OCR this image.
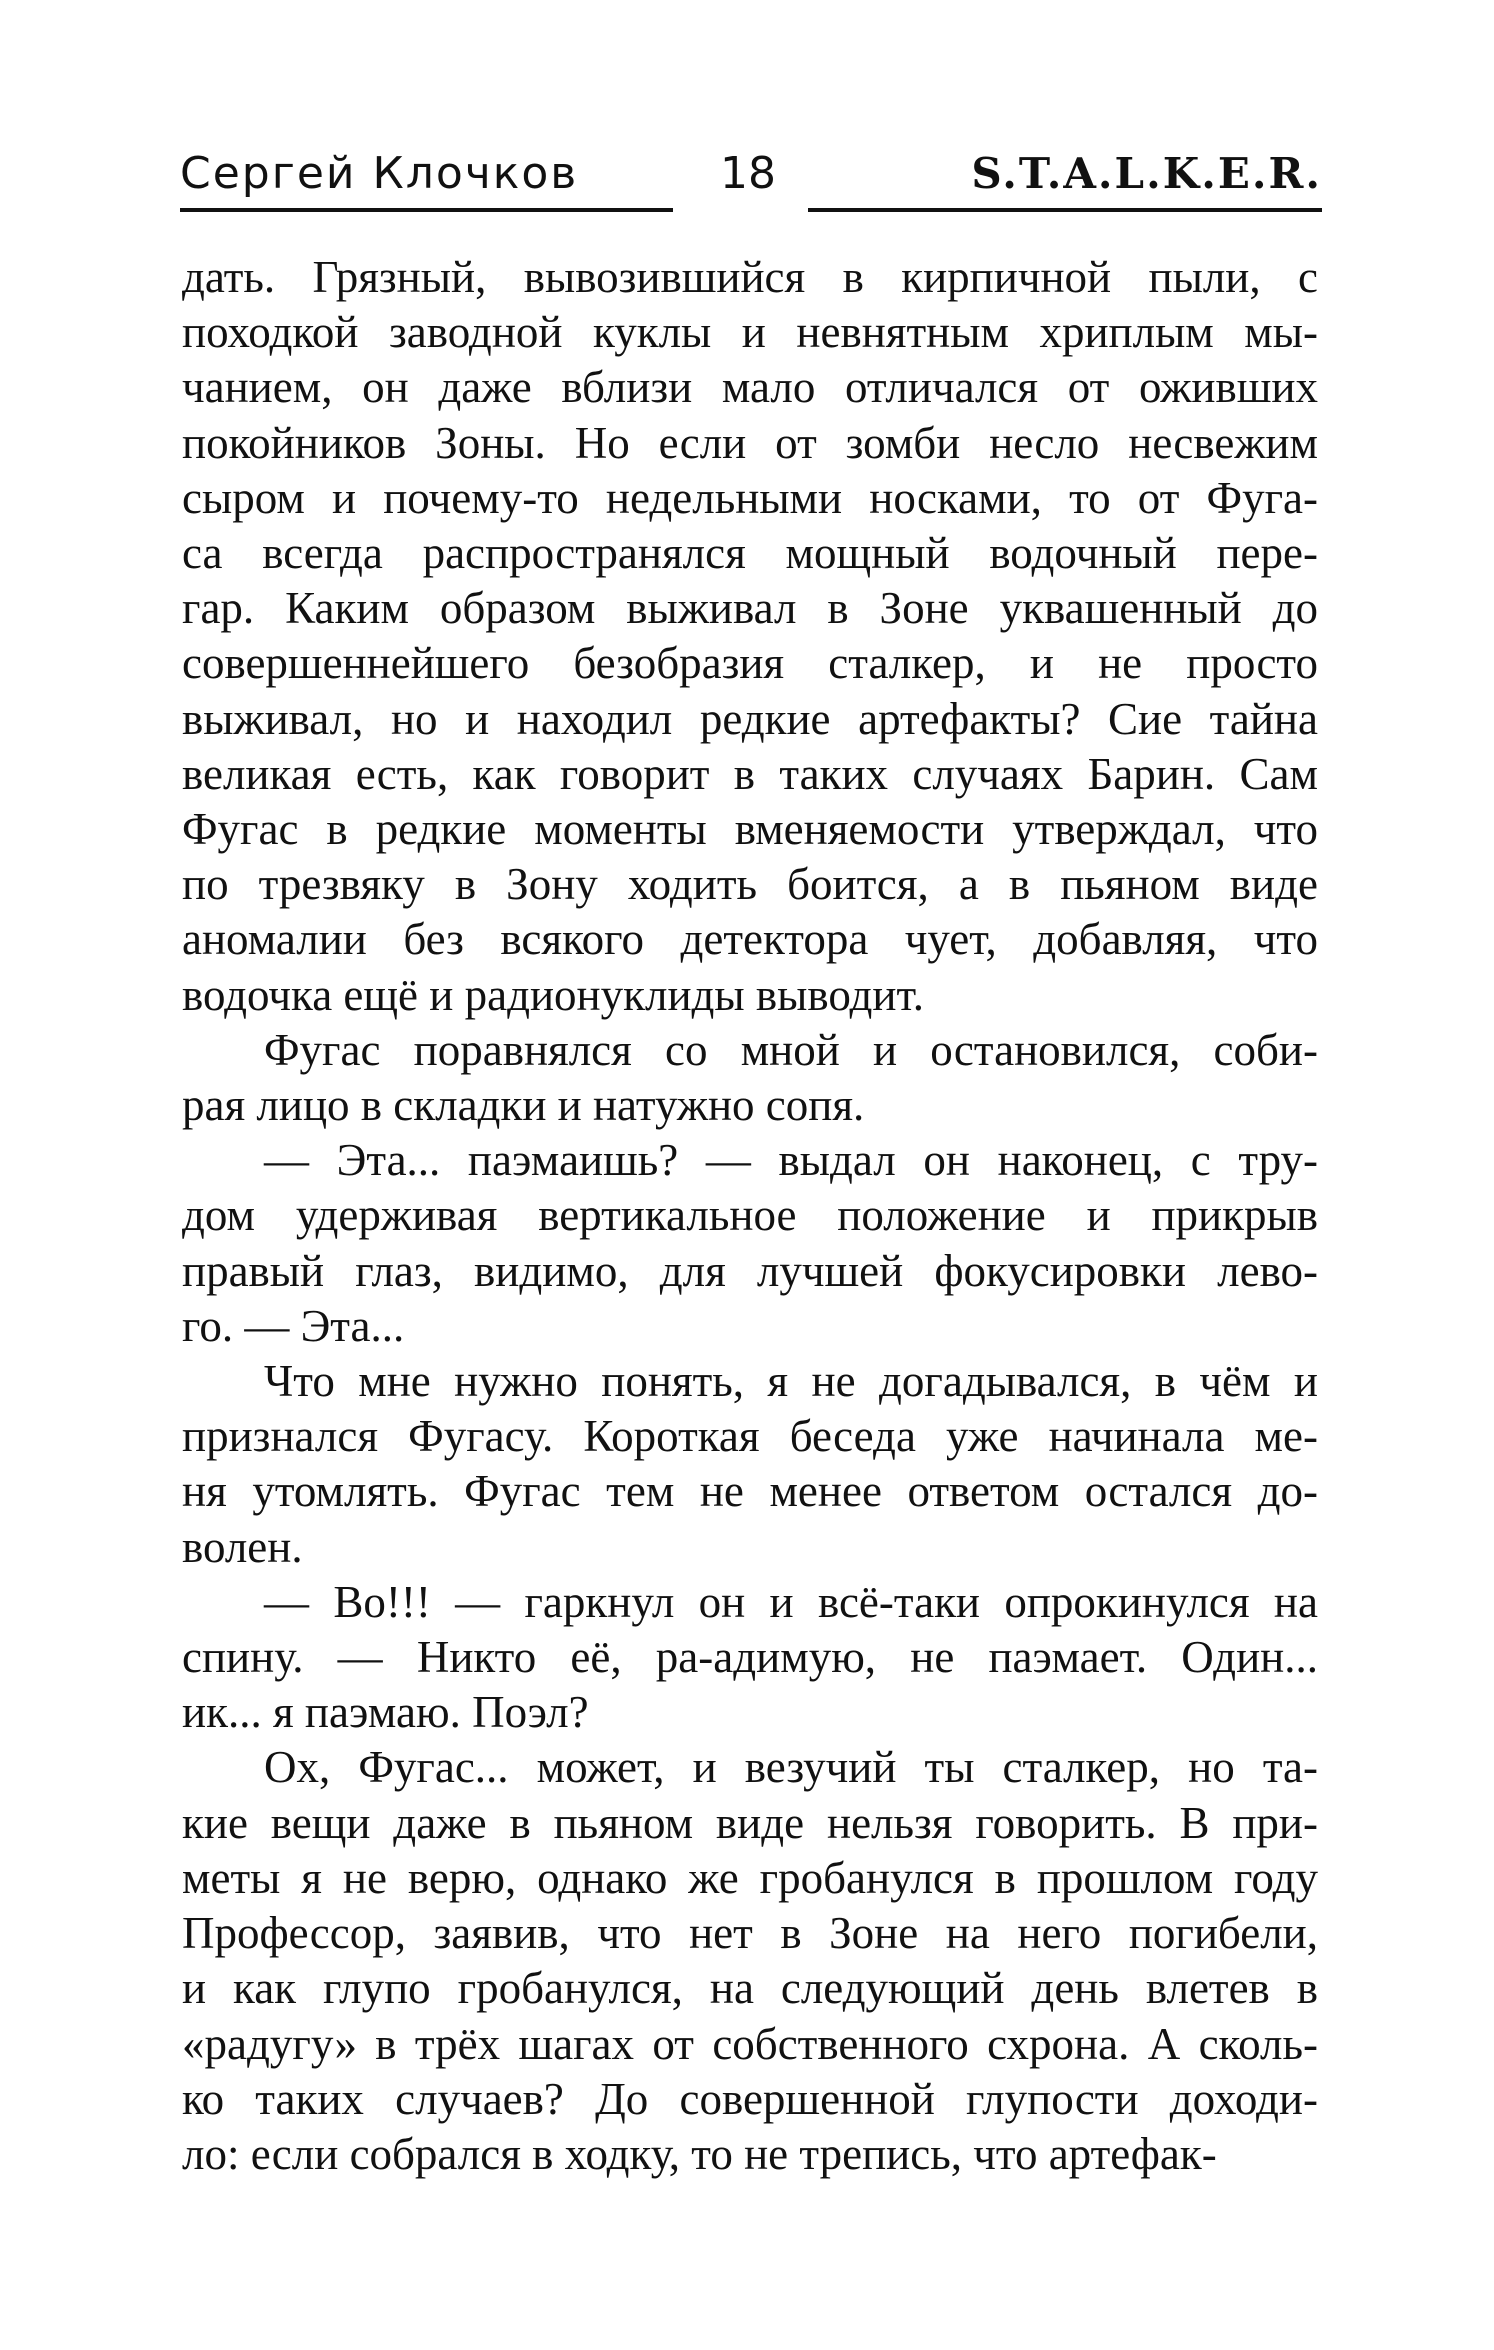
Сергей Клочков	18	S.T.A.L.K.E.R.

дать. Грязный, вывозившийся в кирпичной пыли, с
походкой заводной куклы и невнятным хриплым мы-
чанием, он даже вблизи мало отличался от оживших
покойников Зоны. Но если от зомби несло несвежим
сыром и почему-то недельными носками, то от Фуга-
са всегда распространялся мощный водочный пере-
гар. Каким образом выживал в Зоне уквашенный до
совершеннейшего безобразия сталкер, и не просто
выживал, но и находил редкие артефакты? Сие тайна
великая есть, как говорит в таких случаях Барин. Сам
Фугас в редкие моменты вменяемости утверждал, что
по трезвяку в Зону ходить боится, а в пьяном виде
аномалии без всякого детектора чует, добавляя, что
водочка ещё и радионуклиды выводит.

Фугас поравнялся со мной и остановился, соби-
рая лицо в складки и натужно сопя.

— Эта... паэмаишь? — выдал он наконец, с тру-
дом удерживая вертикальное положение и прикрыв
правый глаз, видимо, для лучшей фокусировки лево-
го. — Эта...

Что мне нужно понять, я не догадывался, в чём и
признался Фугасу. Короткая беседа уже начинала ме-
ня утомлять. Фугас тем не менее ответом остался до-
волен.

— Во!!! — гаркнул он и всё-таки опрокинулся на
спину. — Никто её, ра-адимую, не паэмает. Один...
ик... я паэмаю. Поэл?

Ох, Фугас... может, и везучий ты сталкер, но та-
кие вещи даже в пьяном виде нельзя говорить. В при-
меты я не верю, однако же гробанулся в прошлом году
Профессор, заявив, что нет в Зоне на него погибели,
и как глупо гробанулся, на следующий день влетев в
«радугу» в трёх шагах от собственного схрона. А сколь-
ко таких случаев? До совершенной глупости доходи-
ло: если собрался в ходку, то не трепись, что артефак-
